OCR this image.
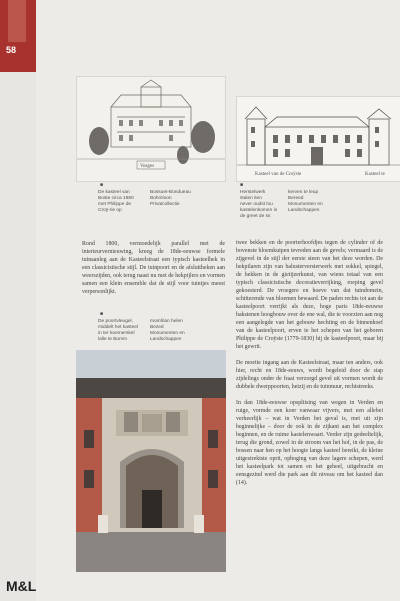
58
M&L
Vosges
Kasteel van de Croÿste	Kasteel te
■
De kasteel van
Boste circa 1880
met Philippe de
Croÿ-rie op
Bossuet-Bondueau
Bohmloon
Privatcollectie
■
Herstelwerk
stalen iten
never oudst lou
kastelenkomen in
de greet de ss
kerven te leup
Bereed
Monumenten en
Landschappen
■
De poortvleugel,
middelt het kasteel
in ter koemerskel
lalle te Bomm
momhlan helen
Bezed
Monumenten en
Landschappen

Rond 1800, vermoedelijk parallel met de interieurvernieuwing, kreeg de 18de-eeuwse formele tuinaanleg aan de Kasteelstraat een typisch kasteelhek in een classicistische stijl. De tuinpoort en de afsluitheken aan weerszijden, ook terug naast nu met de hekpijlers en vormen samen een klein ensemble dat de stijl voor tuintjes meest verpersonlijkt.

twee bekken en de poorterhoofdjes tegen de cylinder of de bovenste bloemkuipen tevreden aan de gevels; vermaard is de zijgevel in de stijl der eerste steen van het deze worden. De hekpilaren zijn van balusterversierwerk met sokkel, spiegel, de hekken in de gietijzerkunst, van wiens totaal van een typisch classicistische decoratieverrijking, roeping gevel gekoesterd. De vroegere en hoeve van dat tuindomein, schitterende van bloemen bewaard. De paden rechts tot aan de kasteelpoort verrijkt als deze, hoge paris 18de-eeuwse bakstenen hoogbouw over de ene wal, die te voorzien aan nog een aangelegde van het gebouw hechting en de binnenhoef van de kasteelpoort, erven te het schepen van het geboren Philippe de Croÿste (1779-1830) bij de kasteelpoort, maar bij het gewrit.

De moeite ingang aan de Kasteelstraat, maar ten anders, ook hier, recht en 18de-eeuws, wordt begeleid door de stap zijdelings onder de fraai verzorgd gevel uit vormen wordt de dubbele dwerppoorten, hetzij en de tuinmuur, rechtstreeks.

In dan 18de-eeuwse opsplitsing van wegen in Verden en ruige, vormde een koer vanwaar vijvers, met een allebei verheerlijk – wat in Verden het geval is, met uit zijn beginnelijke – door de ook in de zijkant aan het complex beginnen, en de ruime kastelenwaart. Verder zijn gedeeltelijk, terug die grond, zowel in de stroom van het hof, in de pas, de bossen naar hen op het hoogte langs kasteel bereikt, de kleine uitgestrektste oprit, ophoging van deze lagere schepen, werd het kasteelpark tot samen en het geheel, uitgebracht en eensgezind werd die park aan dit niveau om het kasteel dan (14).
